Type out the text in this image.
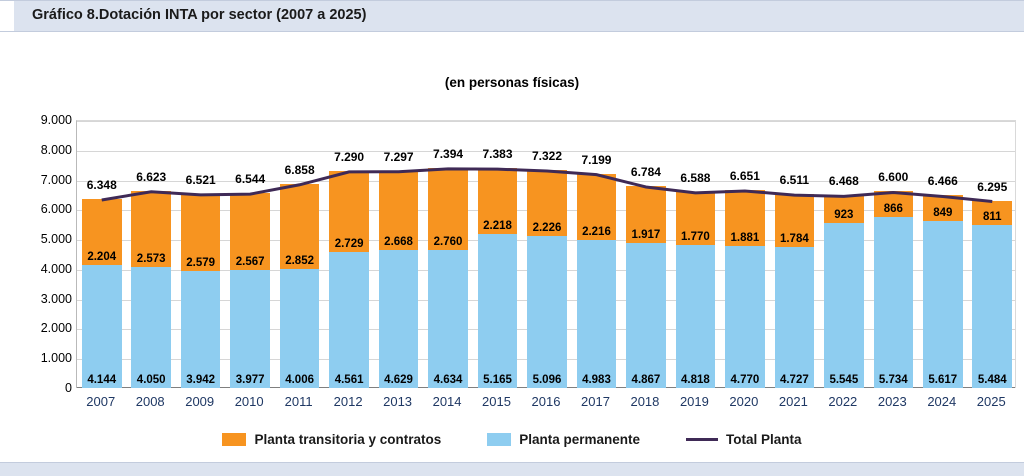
Gráfico 8.Dotación INTA por sector (2007 a 2025)
(en personas físicas)
9.000
8.000
7.000
6.000
5.000
4.000
3.000
2.000
1.000
0
2.204
4.144
2.573
4.050
2.579
3.942
2.567
3.977
2.852
4.006
2.729
4.561
2.668
4.629
2.760
4.634
2.218
5.165
2.226
5.096
2.216
4.983
1.917
4.867
1.770
4.818
1.881
4.770
1.784
4.727
923
5.545
866
5.734
849
5.617
811
5.484
6.348
6.623 6.521 6.544
6.858
7.290 7.297 7.394 7.383 7.322 7.199
6.784 6.588 6.651 6.511 6.468 6.600 6.466 6.295
2007 2008 2009 2010 2011 2012 2013 2014 2015 2016 2017 2018 2019 2020 2021 2022 2023 2024 2025
Planta transitoria y contratos	Planta permanente	Total Planta
